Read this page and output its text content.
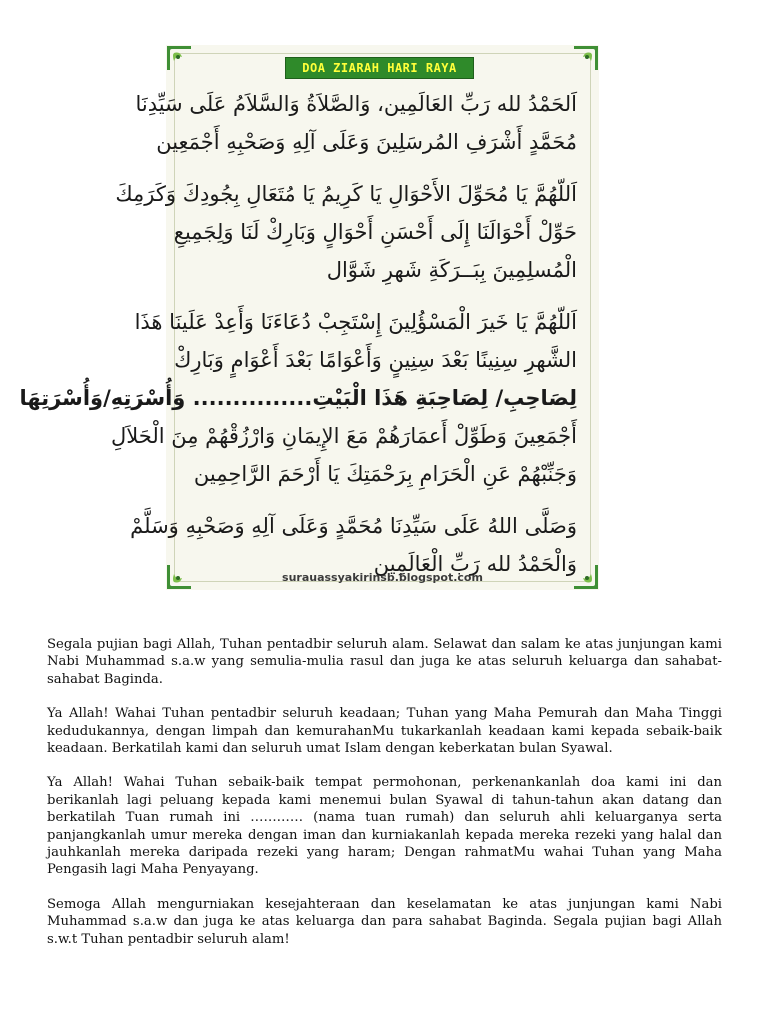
DOA ZIARAH HARI RAYA
اَلحَمْدُ لله رَبِّ العَالَمِين، وَالصَّلاَةُ وَالسَّلاَمُ عَلَى سَيِّدِنَا
مُحَمَّدٍ أَشْرَفِ المُرسَلِينَ وَعَلَى آلِهِ وَصَحْبِهِ أَجْمَعِين
اَللّهُمَّ يَا مُحَوِّلَ الأَحْوَالِ يَا كَرِيمُ يَا مُتَعَالِ بِجُودِكَ وَكَرَمِكَ
حَوِّلْ أَحْوَالَنَا إِلَى أَحْسَنِ أَحْوَالٍ وَبَارِكْ لَنَا وَلِجَمِيعِ
الْمُسلِمِينَ بِبَــرَكَةِ شَهرِ شَوَّال
اَللّهُمَّ يَا خَيرَ الْمَسْؤُلِينَ إِسْتَجِبْ دُعَاءَنَا وَأَعِدْ عَلَينَا هَذَا
الشَّهرِ سِنِينًا بَعْدَ سِنِينٍ وَأَعْوَامًا بَعْدَ أَعْوَامٍ وَبَارِكْ
لِصَاحِبِ/ لِصَاحِبَةِ هَذَا الْبَيْتِ............... وَأُسْرَتِهِ/وَأُسْرَتِهَا
أَجْمَعِينَ وَطَوِّلْ أَعمَارَهُمْ مَعَ الإِيمَانِ وَارْزُقْهُمْ مِنَ الْحَلاَلِ
وَجَنِّبْهُمْ عَنِ الْحَرَامِ بِرَحْمَتِكَ يَا أَرْحَمَ الرَّاحِمِين
وَصَلَّى اللهُ عَلَى سَيِّدِنَا مُحَمَّدٍ وَعَلَى آلِهِ وَصَحْبِهِ وَسَلَّمْ
وَالْحَمْدُ لله رَبِّ الْعَالَمِين
surauassyakirinsb.blogspot.com

Segala pujian bagi Allah, Tuhan pentadbir seluruh alam. Selawat dan salam ke atas junjungan kami Nabi Muhammad s.a.w yang semulia-mulia rasul dan juga ke atas seluruh keluarga dan sahabat-sahabat Baginda.

Ya Allah! Wahai Tuhan pentadbir seluruh keadaan; Tuhan yang Maha Pemurah dan Maha Tinggi kedudukannya, dengan limpah dan kemurahanMu tukarkanlah keadaan kami kepada sebaik-baik keadaan. Berkatilah kami dan seluruh umat Islam dengan keberkatan bulan Syawal.

Ya Allah! Wahai Tuhan sebaik-baik tempat permohonan, perkenankanlah doa kami ini dan berikanlah lagi peluang kepada kami menemui bulan Syawal di tahun-tahun akan datang dan berkatilah Tuan rumah ini ………… (nama tuan rumah) dan seluruh ahli keluarganya serta panjangkanlah umur mereka dengan iman dan kurniakanlah kepada mereka rezeki yang halal dan jauhkanlah mereka daripada rezeki yang haram; Dengan rahmatMu wahai Tuhan yang Maha Pengasih lagi Maha Penyayang.

Semoga Allah mengurniakan kesejahteraan dan keselamatan ke atas junjungan kami Nabi Muhammad s.a.w dan juga ke atas keluarga dan para sahabat Baginda. Segala pujian bagi Allah s.w.t Tuhan pentadbir seluruh alam!
